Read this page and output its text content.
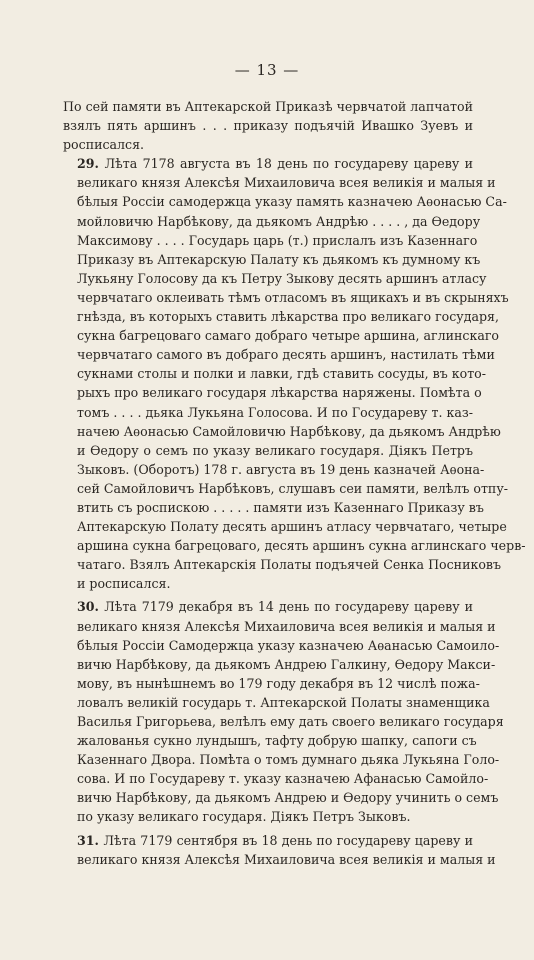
— 13 —
По сей памяти въ Аптекарской Приказѣ червчатой лапчатой
взялъ пять аршинъ . . . приказу подъячій Ивашко Зуевъ и
росписался.
29. Лѣта 7178 августа въ 18 день по государеву цареву и
великаго князя Алексѣя Михаиловича всея великія и малыя и
бѣлыя Россіи самодержца указу память казначею Аѳонасью Са-
мойловичю Нарбѣкову, да дьякомъ Андрѣю . . . . , да Ѳедору
Максимову . . . . Государь царь (т.) прислалъ изъ Казеннаго
Приказу въ Аптекарскую Палату къ дьякомъ къ думному къ
Лукьяну Голосову да къ Петру Зыкову десять аршинъ атласу
червчатаго оклеивать тѣмъ отласомъ въ ящикахъ и въ скрыняхъ
гнѣзда, въ которыхъ ставить лѣкарства про великаго государя,
сукна багрецоваго самаго добраго четыре аршина, аглинскаго
червчатаго самого въ добраго десять аршинъ, настилать тѣми
сукнами столы и полки и лавки, гдѣ ставить сосуды, въ кото-
рыхъ про великаго государя лѣкарства наряжены. Помѣта о
томъ . . . . дьяка Лукьяна Голосова. И по Государеву т. каз-
начею Аѳонасью Самойловичю Нарбѣкову, да дьякомъ Андрѣю
и Ѳедору о семъ по указу великаго государя. Діякъ Петръ
Зыковъ. (Оборотъ) 178 г. августа въ 19 день казначей Аѳона-
сей Самойловичъ Нарбѣковъ, слушавъ сеи памяти, велѣлъ отпу-
втить съ роспискою . . . . . памяти изъ Казеннаго Приказу въ
Аптекарскую Полату десять аршинъ атласу червчатаго, четыре
аршина сукна багрецоваго, десять аршинъ сукна аглинскаго черв-
чатаго. Взялъ Аптекарскія Полаты подъячей Сенка Посниковъ
и росписался.
30. Лѣта 7179 декабря въ 14 день по государеву цареву и
великаго князя Алексѣя Михаиловича всея великія и малыя и
бѣлыя Россіи Самодержца указу казначею Аѳанасью Самоило-
вичю Нарбѣкову, да дьякомъ Андрею Галкину, Ѳедору Макси-
мову, въ нынѣшнемъ во 179 году декабря въ 12 числѣ пожа-
ловалъ великій государь т. Аптекарской Полаты знаменщика
Василья Григорьева, велѣлъ ему дать своего великаго государя
жалованья сукно лундышъ, тафту добрую шапку, сапоги съ
Казеннаго Двора. Помѣта о томъ думнаго дьяка Лукьяна Голо-
сова. И по Государеву т. указу казначею Афанасью Самойло-
вичю Нарбѣкову, да дьякомъ Андрею и Ѳедору учинить о семъ
по указу великаго государя. Діякъ Петръ Зыковъ.
31. Лѣта 7179 сентября въ 18 день по государеву цареву и
великаго князя Алексѣя Михаиловича всея великія и малыя и
